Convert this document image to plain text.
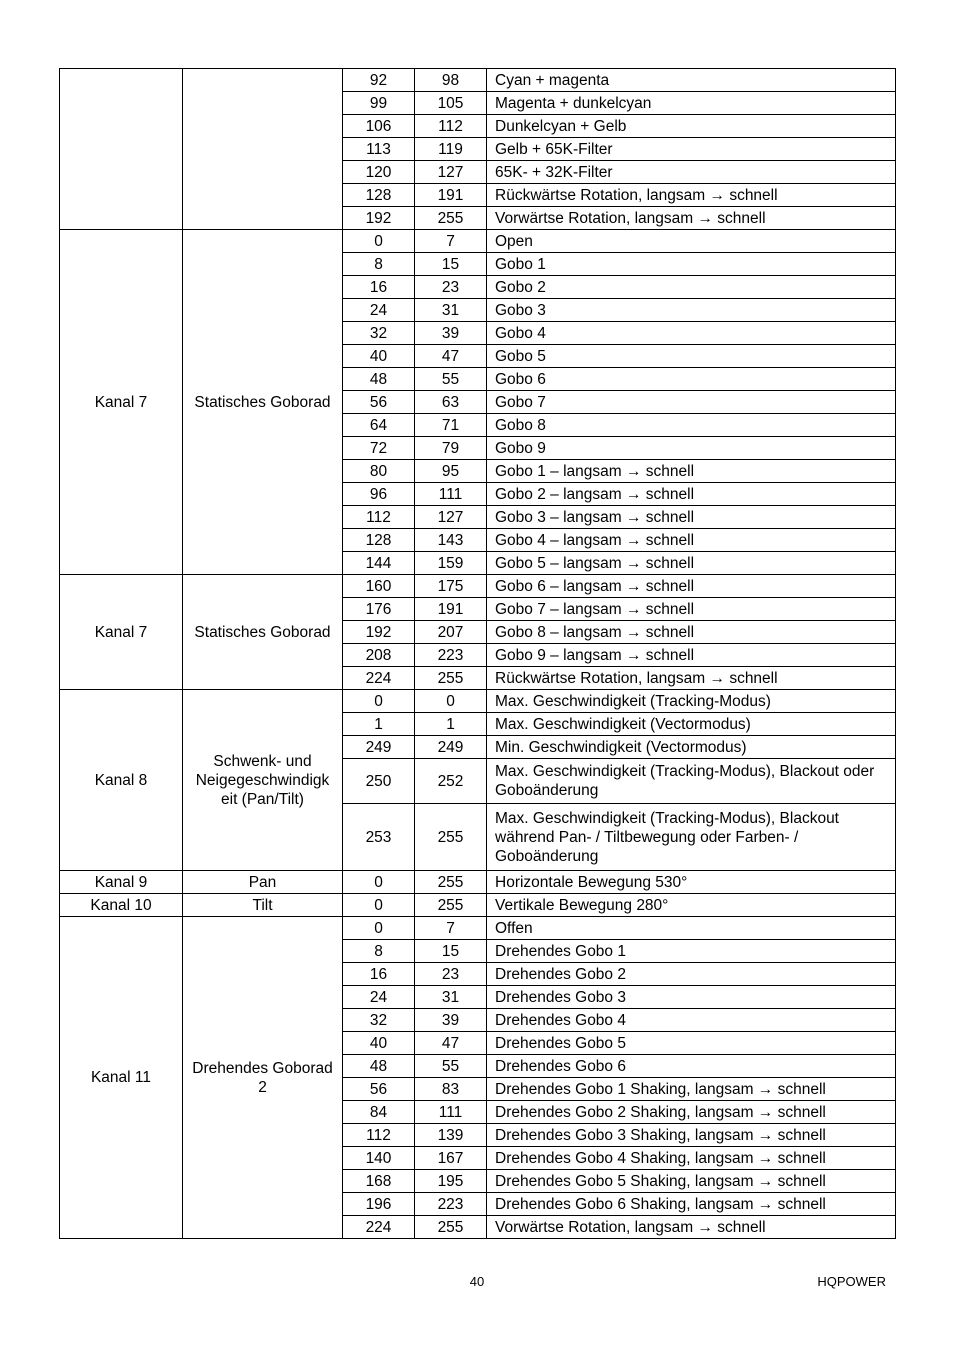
		92	98	Cyan + magenta
		99	105	Magenta + dunkelcyan
		106	112	Dunkelcyan + Gelb
		113	119	Gelb + 65K-Filter
		120	127	65K- + 32K-Filter
		128	191	Rückwärtse Rotation, langsam → schnell
		192	255	Vorwärtse Rotation, langsam → schnell
Kanal 7	Statisches Goborad	0	7	Open
		8	15	Gobo 1
		16	23	Gobo 2
		24	31	Gobo 3
		32	39	Gobo 4
		40	47	Gobo 5
		48	55	Gobo 6
		56	63	Gobo 7
		64	71	Gobo 8
		72	79	Gobo 9
		80	95	Gobo 1 – langsam → schnell
		96	111	Gobo 2 – langsam → schnell
		112	127	Gobo 3 – langsam → schnell
		128	143	Gobo 4 – langsam → schnell
		144	159	Gobo 5 – langsam → schnell
Kanal 7	Statisches Goborad	160	175	Gobo 6 – langsam → schnell
		176	191	Gobo 7 – langsam → schnell
		192	207	Gobo 8 – langsam → schnell
		208	223	Gobo 9 – langsam → schnell
		224	255	Rückwärtse Rotation, langsam → schnell
Kanal 8	Schwenk- und Neigegeschwindigk eit (Pan/Tilt)	0	0	Max. Geschwindigkeit (Tracking-Modus)
		1	1	Max. Geschwindigkeit (Vectormodus)
		249	249	Min. Geschwindigkeit (Vectormodus)
		250	252	Max. Geschwindigkeit (Tracking-Modus), Blackout oder Goboänderung
		253	255	Max. Geschwindigkeit (Tracking-Modus), Blackout während Pan- / Tiltbewegung oder Farben- / Goboänderung
Kanal 9	Pan	0	255	Horizontale Bewegung 530°
Kanal 10	Tilt	0	255	Vertikale Bewegung 280°
Kanal 11	Drehendes Goborad 2	0	7	Offen
		8	15	Drehendes Gobo 1
		16	23	Drehendes Gobo 2
		24	31	Drehendes Gobo 3
		32	39	Drehendes Gobo 4
		40	47	Drehendes Gobo 5
		48	55	Drehendes Gobo 6
		56	83	Drehendes Gobo 1 Shaking, langsam → schnell
		84	111	Drehendes Gobo 2 Shaking, langsam → schnell
		112	139	Drehendes Gobo 3 Shaking, langsam → schnell
		140	167	Drehendes Gobo 4 Shaking, langsam → schnell
		168	195	Drehendes Gobo 5 Shaking, langsam → schnell
		196	223	Drehendes Gobo 6 Shaking, langsam → schnell
		224	255	Vorwärtse Rotation, langsam → schnell
40	HQPOWER
